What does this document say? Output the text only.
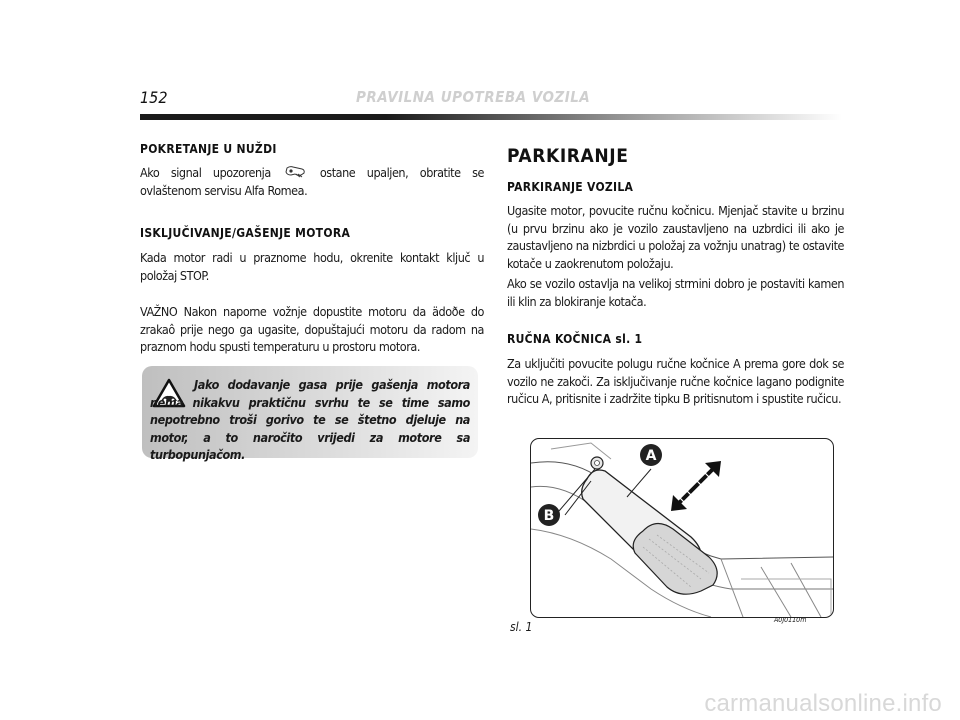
152	PRAVILNA UPOTREBA VOZILA
POKRETANJE U NUŽDI

Ako signal upozorenja	ostane upaljen, obratite se ovlaštenom servisu Alfa Romea.

ISKLJUČIVANJE/GAŠENJE MOTORA

Kada motor radi u praznome hodu, okrenite kontakt ključ u položaj STOP.

VAŽNO Nakon naporne vožnje dopustite motoru da ädoðe do zrakaô prije nego ga ugasite, dopuštajući motoru da radom na praznom hodu spusti temperaturu u prostoru motora.

Jako dodavanje gasa prije gašenja motora nema nikakvu praktičnu svrhu te se time samo nepotrebno troši gorivo te se štetno djeluje na motor, a to naročito vrijedi za motore sa turbopunjačom.
PARKIRANJE
PARKIRANJE VOZILA

Ugasite motor, povucite ručnu kočnicu. Mjenjač stavite u brzinu (u prvu brzinu ako je vozilo zaustavljeno na uzbrdici ili ako je zaustavljeno na nizbrdici u položaj za vožnju unatrag) te ostavite kotače u zaokrenutom položaju.

Ako se vozilo ostavlja na velikoj strmini dobro je postaviti kamen ili klin za blokiranje kotača.

RUČNA KOČNICA sl. 1

Za uključiti povucite polugu ručne kočnice A prema gore dok se vozilo ne zakoči. Za isključivanje ručne kočnice lagano podignite ručicu A, pritisnite i zadržite tipku B pritisnutom i spustite ručicu.

A
B
sl. 1	A0J0110m
carmanualsonline.info
